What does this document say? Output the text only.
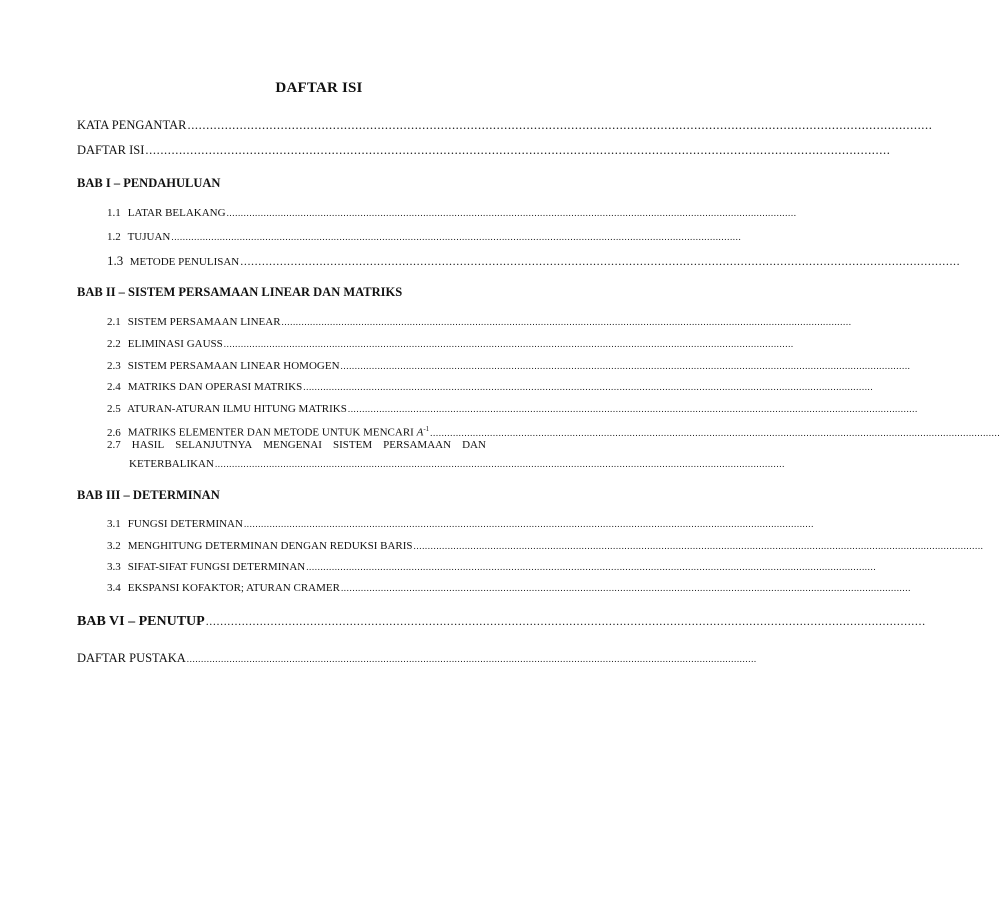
DAFTAR ISI
KATA PENGANTAR ........................................................................................................................................................................................................
DAFTAR ISI ........................................................................................................................................................................................................
BAB I – PENDAHULUAN
1.1 LATAR BELAKANG ........................................................................................................................................................................................................
1.2 TUJUAN ........................................................................................................................................................................................................
1.3 METODE PENULISAN ........................................................................................................................................................................................................
BAB II – SISTEM PERSAMAAN LINEAR DAN MATRIKS
2.1 SISTEM PERSAMAAN LINEAR ........................................................................................................................................................................................................
2.2 ELIMINASI GAUSS ........................................................................................................................................................................................................
2.3 SISTEM PERSAMAAN LINEAR HOMOGEN ........................................................................................................................................................................................................
2.4 MATRIKS DAN OPERASI MATRIKS ........................................................................................................................................................................................................
2.5 ATURAN-ATURAN ILMU HITUNG MATRIKS ........................................................................................................................................................................................................
2.6 MATRIKS ELEMENTER DAN METODE UNTUK MENCARI $A^{-1}$ ........................................................................................................................................................................................................
2.7 HASIL SELANJUTNYA MENGENAI SISTEM PERSAMAAN DAN
KETERBALIKAN ........................................................................................................................................................................................................
BAB III – DETERMINAN
3.1 FUNGSI DETERMINAN ........................................................................................................................................................................................................
3.2 MENGHITUNG DETERMINAN DENGAN REDUKSI BARIS ........................................................................................................................................................................................................
3.3 SIFAT-SIFAT FUNGSI DETERMINAN ........................................................................................................................................................................................................
3.4 EKSPANSI KOFAKTOR; ATURAN CRAMER ........................................................................................................................................................................................................
BAB VI – PENUTUP ........................................................................................................................................................................................................
DAFTAR PUSTAKA ........................................................................................................................................................................................................
